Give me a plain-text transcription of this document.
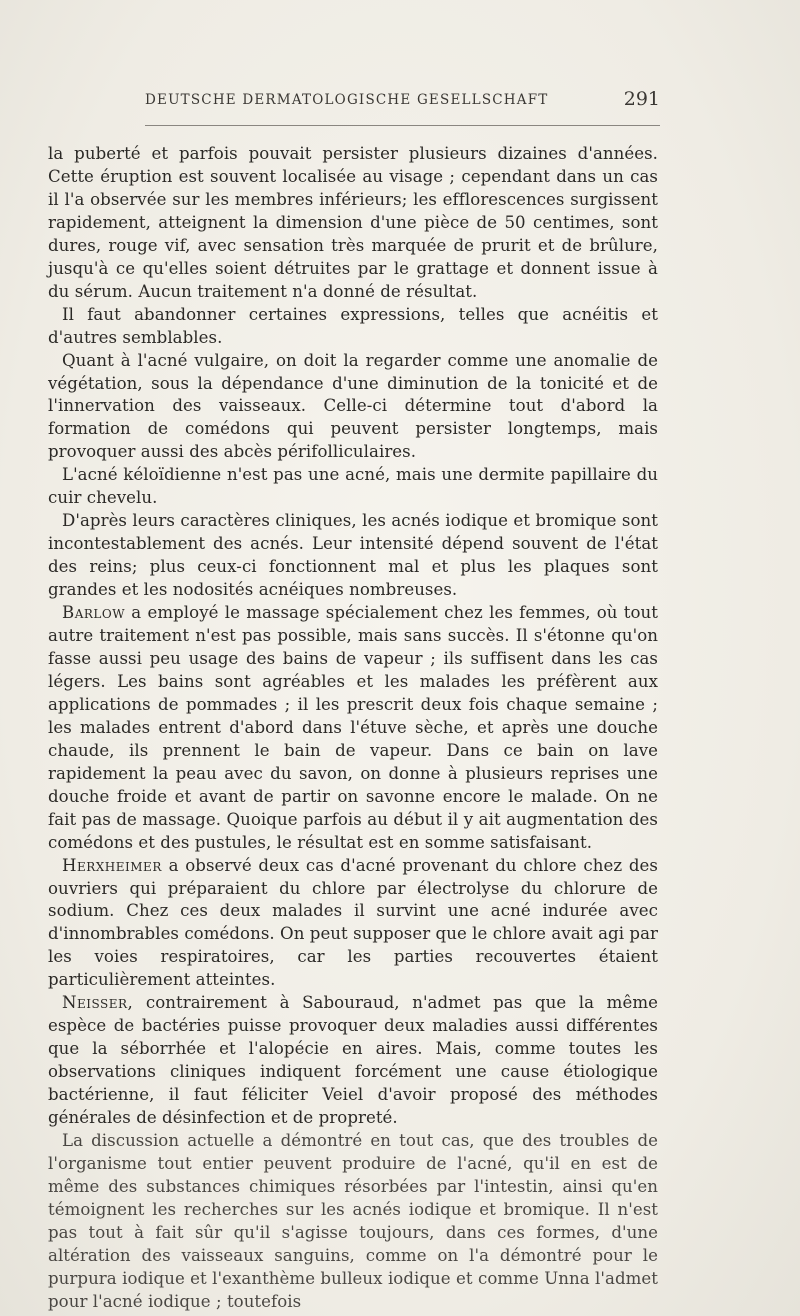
DEUTSCHE DERMATOLOGISCHE GESELLSCHAFT	291

la puberté et parfois pouvait persister plusieurs dizaines d'années. Cette éruption est souvent localisée au visage ; cependant dans un cas il l'a observée sur les membres inférieurs; les efflorescences surgissent rapidement, atteignent la dimension d'une pièce de 50 centimes, sont dures, rouge vif, avec sensation très marquée de prurit et de brûlure, jusqu'à ce qu'elles soient détruites par le grattage et donnent issue à du sérum. Aucun traitement n'a donné de résultat.

Il faut abandonner certaines expressions, telles que acnéitis et d'autres semblables.

Quant à l'acné vulgaire, on doit la regarder comme une anomalie de végétation, sous la dépendance d'une diminution de la tonicité et de l'innervation des vaisseaux. Celle-ci détermine tout d'abord la formation de comédons qui peuvent persister longtemps, mais provoquer aussi des abcès périfolliculaires.

L'acné kéloïdienne n'est pas une acné, mais une dermite papillaire du cuir chevelu.

D'après leurs caractères cliniques, les acnés iodique et bromique sont incontestablement des acnés. Leur intensité dépend souvent de l'état des reins; plus ceux-ci fonctionnent mal et plus les plaques sont grandes et les nodosités acnéiques nombreuses.

Barlow a employé le massage spécialement chez les femmes, où tout autre traitement n'est pas possible, mais sans succès. Il s'étonne qu'on fasse aussi peu usage des bains de vapeur ; ils suffisent dans les cas légers. Les bains sont agréables et les malades les préfèrent aux applications de pommades ; il les prescrit deux fois chaque semaine ; les malades entrent d'abord dans l'étuve sèche, et après une douche chaude, ils prennent le bain de vapeur. Dans ce bain on lave rapidement la peau avec du savon, on donne à plusieurs reprises une douche froide et avant de partir on savonne encore le malade. On ne fait pas de massage. Quoique parfois au début il y ait augmentation des comédons et des pustules, le résultat est en somme satisfaisant.

Herxheimer a observé deux cas d'acné provenant du chlore chez des ouvriers qui préparaient du chlore par électrolyse du chlorure de sodium. Chez ces deux malades il survint une acné indurée avec d'innombrables comédons. On peut supposer que le chlore avait agi par les voies respiratoires, car les parties recouvertes étaient particulièrement atteintes.

Neisser, contrairement à Sabouraud, n'admet pas que la même espèce de bactéries puisse provoquer deux maladies aussi différentes que la séborrhée et l'alopécie en aires. Mais, comme toutes les observations cliniques indiquent forcément une cause étiologique bactérienne, il faut féliciter Veiel d'avoir proposé des méthodes générales de désinfection et de propreté.

La discussion actuelle a démontré en tout cas, que des troubles de l'organisme tout entier peuvent produire de l'acné, qu'il en est de même des substances chimiques résorbées par l'intestin, ainsi qu'en témoignent les recherches sur les acnés iodique et bromique. Il n'est pas tout à fait sûr qu'il s'agisse toujours, dans ces formes, d'une altération des vaisseaux sanguins, comme on l'a démontré pour le purpura iodique et l'exanthème bulleux iodique et comme Unna l'admet pour l'acné iodique ; toutefois
